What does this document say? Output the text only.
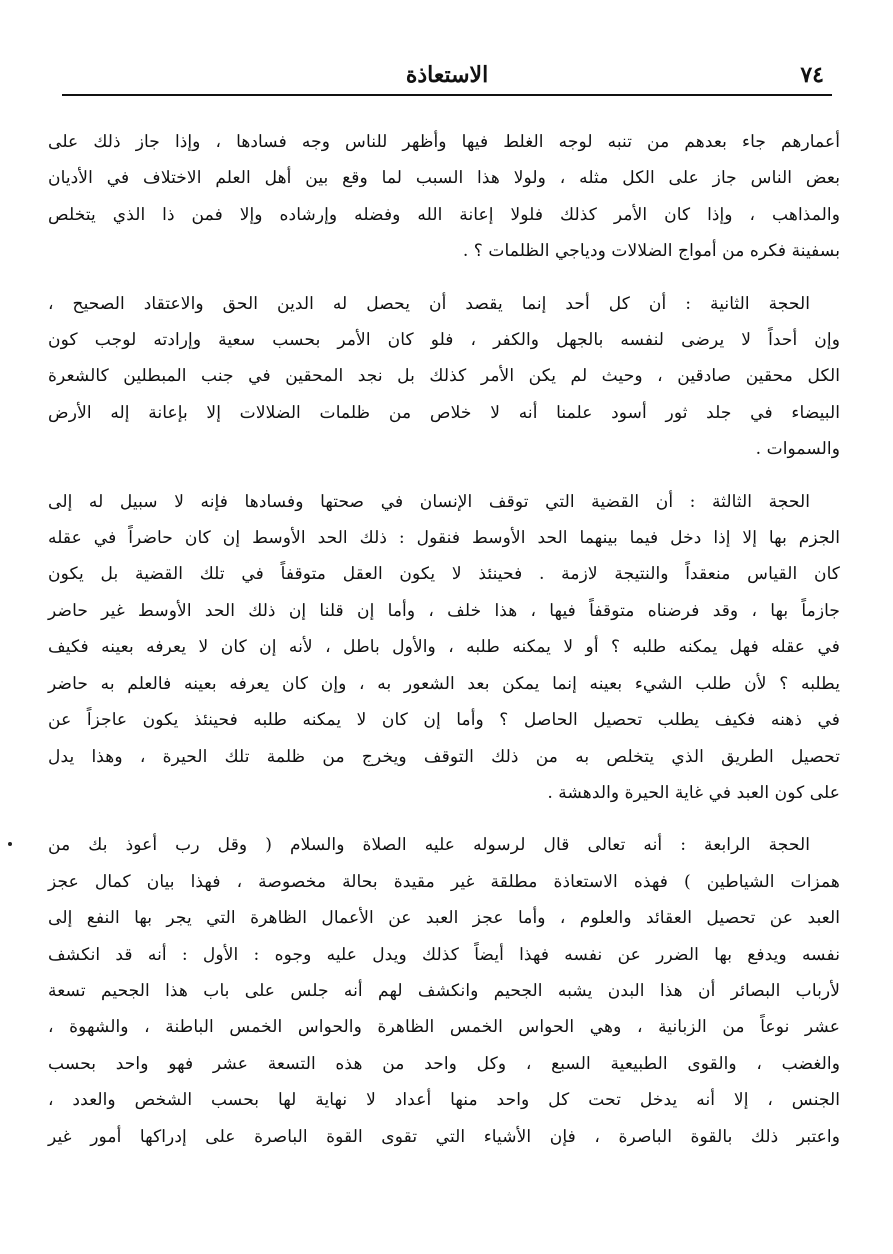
٧٤
الاستعاذة

أعمارهم جاء بعدهم من تنبه لوجه الغلط فيها وأظهر للناس وجه فسادها ، وإذا جاز ذلك على
بعض الناس جاز على الكل مثله ، ولولا هذا السبب لما وقع بين أهل العلم الاختلاف في الأديان
والمذاهب ، وإذا كان الأمر كذلك فلولا إعانة الله وفضله وإرشاده وإلا فمن ذا الذي يتخلص
بسفينة فكره من أمواج الضلالات ودياجي الظلمات ؟ .

الحجة الثانية : أن كل أحد إنما يقصد أن يحصل له الدين الحق والاعتقاد الصحيح ،
وإن أحداً لا يرضى لنفسه بالجهل والكفر ، فلو كان الأمر بحسب سعية وإرادته لوجب كون
الكل محقين صادقين ، وحيث لم يكن الأمر كذلك بل نجد المحقين في جنب المبطلين كالشعرة
البيضاء في جلد ثور أسود علمنا أنه لا خلاص من ظلمات الضلالات إلا بإعانة إله الأرض
والسموات .

الحجة الثالثة : أن القضية التي توقف الإنسان في صحتها وفسادها فإنه لا سبيل له إلى
الجزم بها إلا إذا دخل فيما بينهما الحد الأوسط فنقول : ذلك الحد الأوسط إن كان حاضراً في عقله
كان القياس منعقداً والنتيجة لازمة . فحينئذ لا يكون العقل متوقفاً في تلك القضية بل يكون
جازماً بها ، وقد فرضناه متوقفاً فيها ، هذا خلف ، وأما إن قلنا إن ذلك الحد الأوسط غير حاضر
في عقله فهل يمكنه طلبه ؟ أو لا يمكنه طلبه ، والأول باطل ، لأنه إن كان لا يعرفه بعينه فكيف
يطلبه ؟ لأن طلب الشيء بعينه إنما يمكن بعد الشعور به ، وإن كان يعرفه بعينه فالعلم به حاضر
في ذهنه فكيف يطلب تحصيل الحاصل ؟ وأما إن كان لا يمكنه طلبه فحينئذ يكون عاجزاً عن
تحصيل الطريق الذي يتخلص به من ذلك التوقف ويخرج من ظلمة تلك الحيرة ، وهذا يدل
على كون العبد في غاية الحيرة والدهشة .

الحجة الرابعة : أنه تعالى قال لرسوله عليه الصلاة والسلام ( وقل رب أعوذ بك من
همزات الشياطين ) فهذه الاستعاذة مطلقة غير مقيدة بحالة مخصوصة ، فهذا بيان كمال عجز
العبد عن تحصيل العقائد والعلوم ، وأما عجز العبد عن الأعمال الظاهرة التي يجر بها النفع إلى
نفسه ويدفع بها الضرر عن نفسه فهذا أيضاً كذلك ويدل عليه وجوه : الأول : أنه قد انكشف
لأرباب البصائر أن هذا البدن يشبه الجحيم وانكشف لهم أنه جلس على باب هذا الجحيم تسعة
عشر نوعاً من الزبانية ، وهي الحواس الخمس الظاهرة والحواس الخمس الباطنة ، والشهوة ،
والغضب ، والقوى الطبيعية السبع ، وكل واحد من هذه التسعة عشر فهو واحد بحسب
الجنس ، إلا أنه يدخل تحت كل واحد منها أعداد لا نهاية لها بحسب الشخص والعدد ،
واعتبر ذلك بالقوة الباصرة ، فإن الأشياء التي تقوى القوة الباصرة على إدراكها أمور غير
